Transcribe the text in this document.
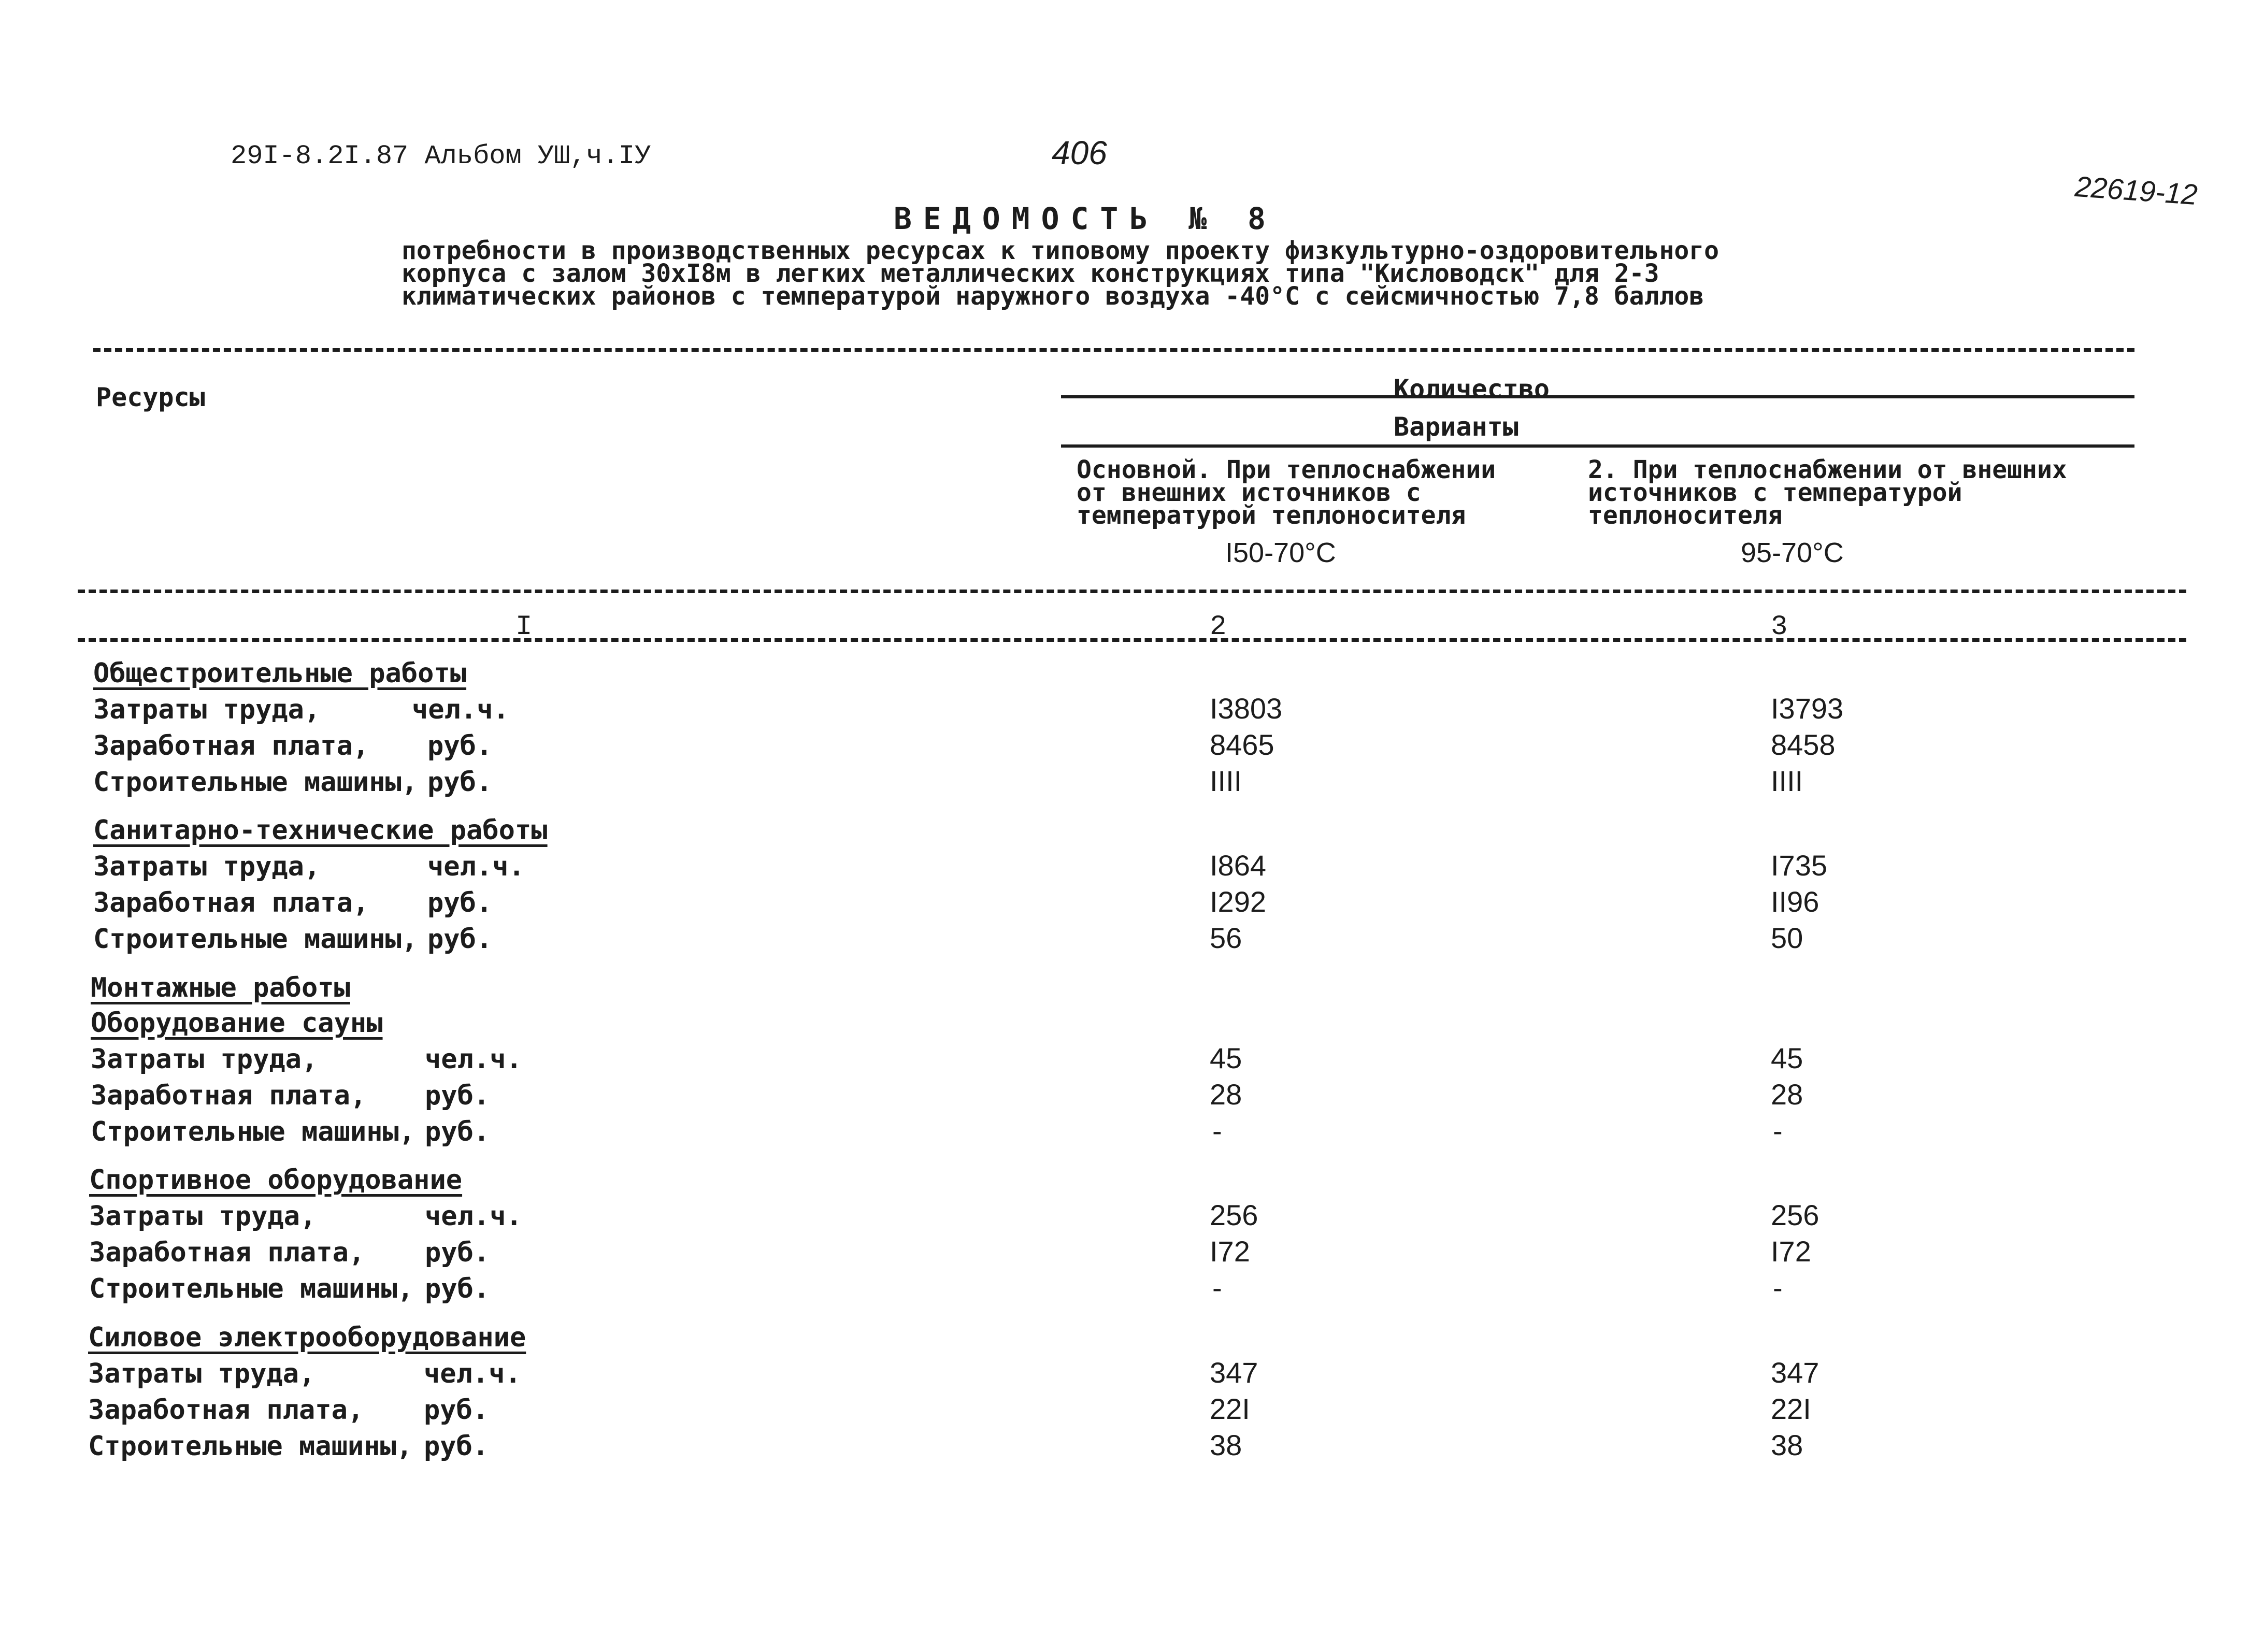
29I-8.2I.87 Альбом УШ,ч.IУ	406
22619-12
ВЕДОМОСТЬ № 8
потребности в производственных ресурсах к типовому проекту физкультурно-оздоровительного
корпуса с залом 30хI8м в легких металлических конструкциях типа "Кисловодск" для 2-3
климатических районов с температурой наружного воздуха -40°С с сейсмичностью 7,8 баллов
Ресурсы	Количество
Варианты
Основной. При теплоснабжении
от внешних источников с
температурой теплоносителя
I50-70°С
2. При теплоснабжении от внешних
источников с температурой
теплоносителя
95-70°С
I	2	3
Общестроительные работы
Затраты труда,	чел.ч.	I3803	I3793
Заработная плата, руб.	8465	8458
Строительные машины, руб.	IIII	IIII
Санитарно-технические работы
Затраты труда,	чел.ч.	I864	I735
Заработная плата, руб.	I292	II96
Строительные машины, руб.	56	50
Монтажные работы
Оборудование сауны
Затраты труда,	чел.ч.	45	45
Заработная плата, руб.	28	28
Строительные машины, руб.	-	-
Спортивное оборудование
Затраты труда,	чел.ч.	256	256
Заработная плата, руб.	I72	I72
Строительные машины, руб.	-	-
Силовое электрооборудование
Затраты труда,	чел.ч.	347	347
Заработная плата, руб.	22I	22I
Строительные машины, руб.	38	38
